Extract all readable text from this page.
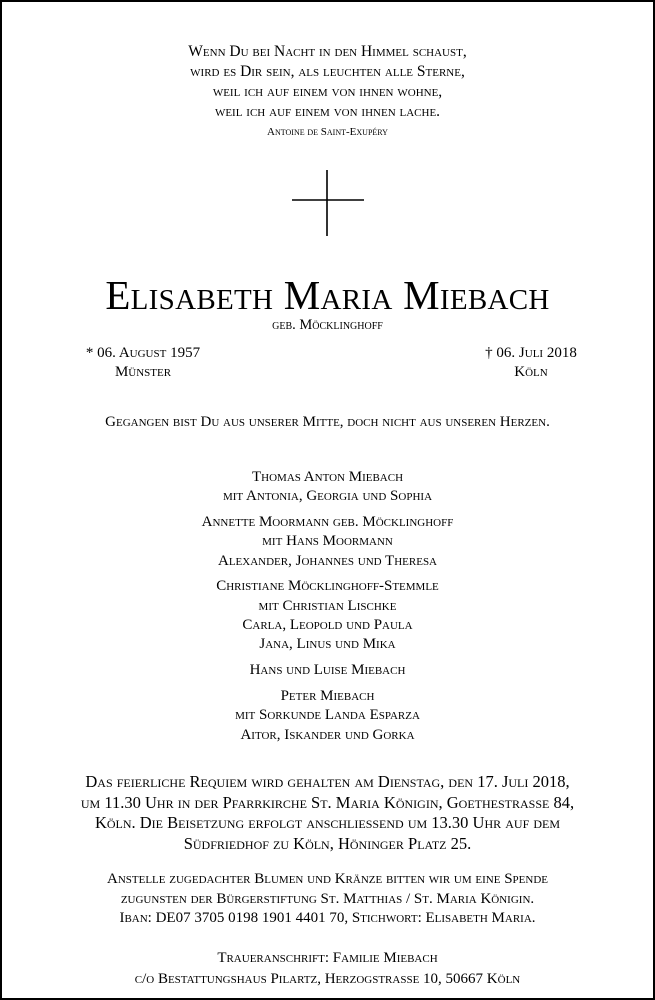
Wenn Du bei Nacht in den Himmel schaust,
wird es Dir sein, als leuchten alle Sterne,
weil ich auf einem von ihnen wohne,
weil ich auf einem von ihnen lache.
Antoine de Saint-Exupéry
Elisabeth Maria Miebach
geb. Möcklinghoff
* 06. August 1957
Münster
† 06. Juli 2018
Köln
Gegangen bist Du aus unserer Mitte, doch nicht aus unseren Herzen.
Thomas Anton Miebach
mit Antonia, Georgia und Sophia
Annette Moormann geb. Möcklinghoff
mit Hans Moormann
Alexander, Johannes und Theresa
Christiane Möcklinghoff-Stemmle
mit Christian Lischke
Carla, Leopold und Paula
Jana, Linus und Mika
Hans und Luise Miebach
Peter Miebach
mit Sorkunde Landa Esparza
Aitor, Iskander und Gorka
Das feierliche Requiem wird gehalten am Dienstag, den 17. Juli 2018,
um 11.30 Uhr in der Pfarrkirche St. Maria Königin, Goethestrasse 84,
Köln. Die Beisetzung erfolgt anschliessend um 13.30 Uhr auf dem
Südfriedhof zu Köln, Höninger Platz 25.
Anstelle zugedachter Blumen und Kränze bitten wir um eine Spende
zugunsten der Bürgerstiftung St. Matthias / St. Maria Königin.
Iban: DE07 3705 0198 1901 4401 70, Stichwort: Elisabeth Maria.
Traueranschrift: Familie Miebach
c/o Bestattungshaus Pilartz, Herzogstraße 10, 50667 Köln
